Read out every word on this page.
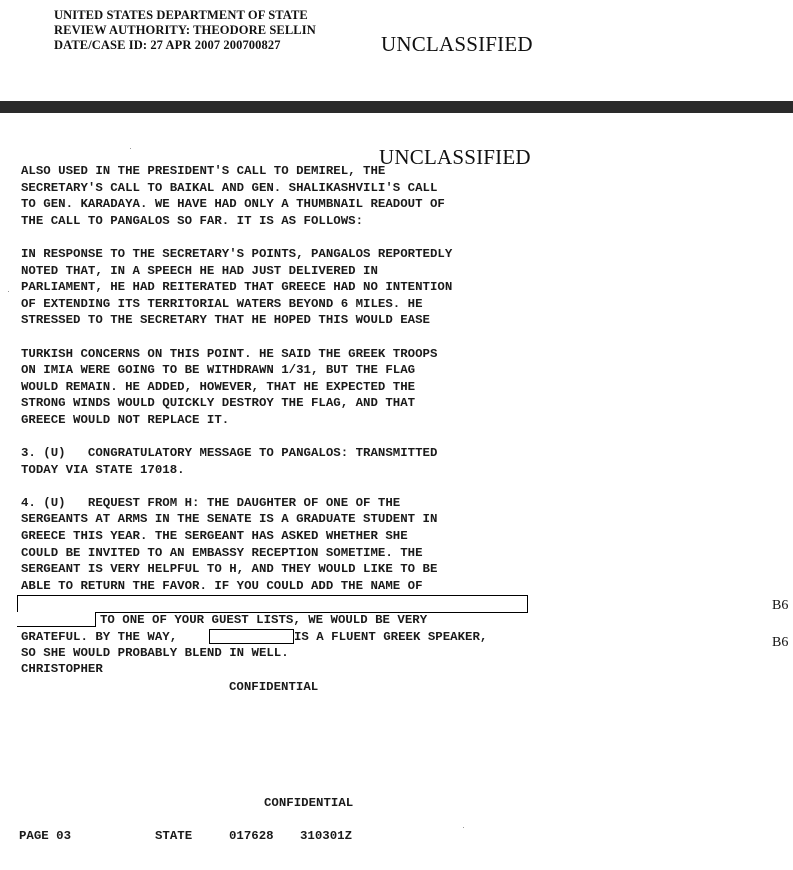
UNITED STATES DEPARTMENT OF STATE
REVIEW AUTHORITY: THEODORE SELLIN
DATE/CASE ID: 27 APR 2007 200700827	UNCLASSIFIED
UNCLASSIFIED
ALSO USED IN THE PRESIDENT'S CALL TO DEMIREL, THE
SECRETARY'S CALL TO BAIKAL AND GEN. SHALIKASHVILI'S CALL
TO GEN. KARADAYA. WE HAVE HAD ONLY A THUMBNAIL READOUT OF
THE CALL TO PANGALOS SO FAR. IT IS AS FOLLOWS:

IN RESPONSE TO THE SECRETARY'S POINTS, PANGALOS REPORTEDLY
NOTED THAT, IN A SPEECH HE HAD JUST DELIVERED IN
PARLIAMENT, HE HAD REITERATED THAT GREECE HAD NO INTENTION
OF EXTENDING ITS TERRITORIAL WATERS BEYOND 6 MILES. HE
STRESSED TO THE SECRETARY THAT HE HOPED THIS WOULD EASE

TURKISH CONCERNS ON THIS POINT. HE SAID THE GREEK TROOPS
ON IMIA WERE GOING TO BE WITHDRAWN 1/31, BUT THE FLAG
WOULD REMAIN. HE ADDED, HOWEVER, THAT HE EXPECTED THE
STRONG WINDS WOULD QUICKLY DESTROY THE FLAG, AND THAT
GREECE WOULD NOT REPLACE IT.

3. (U)   CONGRATULATORY MESSAGE TO PANGALOS: TRANSMITTED
TODAY VIA STATE 17018.

4. (U)   REQUEST FROM H: THE DAUGHTER OF ONE OF THE
SERGEANTS AT ARMS IN THE SENATE IS A GRADUATE STUDENT IN
GREECE THIS YEAR. THE SERGEANT HAS ASKED WHETHER SHE
COULD BE INVITED TO AN EMBASSY RECEPTION SOMETIME. THE
SERGEANT IS VERY HELPFUL TO H, AND THEY WOULD LIKE TO BE
ABLE TO RETURN THE FAVOR. IF YOU COULD ADD THE NAME OF
TO ONE OF YOUR GUEST LISTS, WE WOULD BE VERY
GRATEFUL. BY THE WAY,	IS A FLUENT GREEK SPEAKER,
SO SHE WOULD PROBABLY BLEND IN WELL.
CHRISTOPHER
CONFIDENTIAL
B6
B6
CONFIDENTIAL
PAGE 03	STATE	017628 310301Z
